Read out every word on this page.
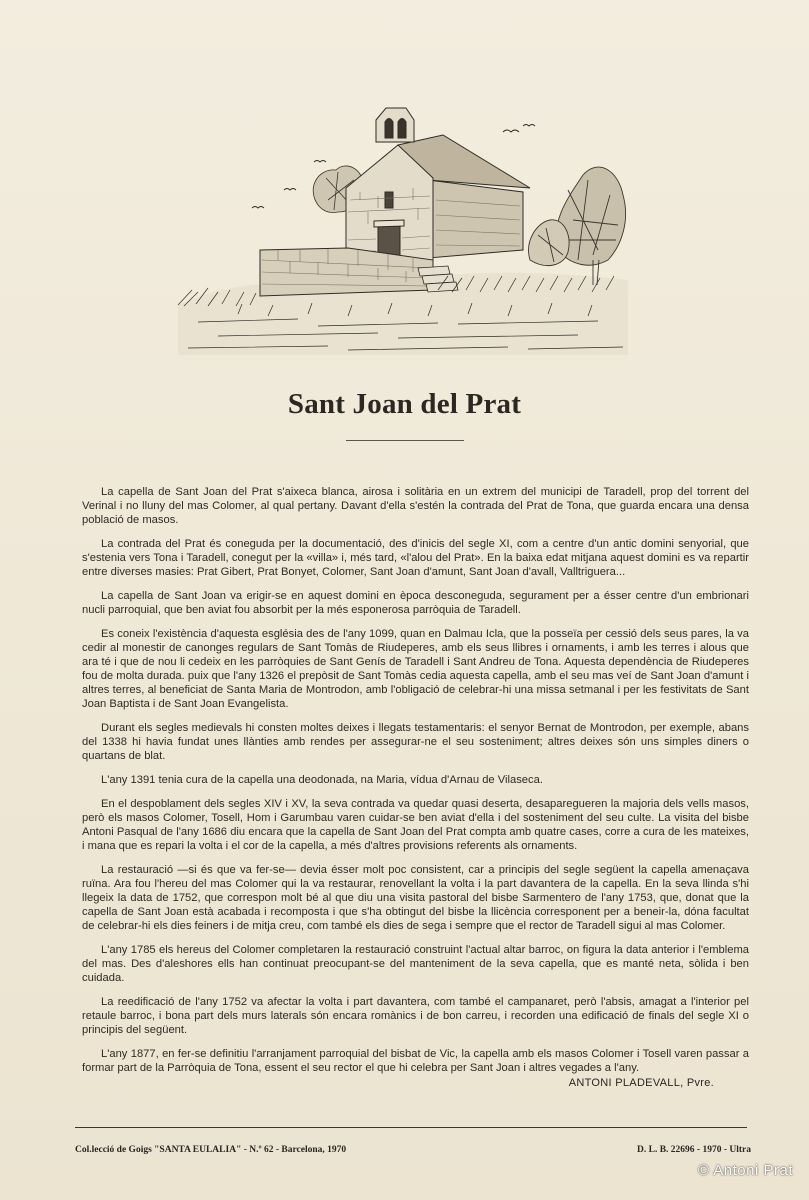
Sant Joan del Prat

La capella de Sant Joan del Prat s'aixeca blanca, airosa i solitària en un extrem del municipi de Taradell, prop del torrent del Verinal i no lluny del mas Colomer, al qual pertany. Davant d'ella s'estén la contrada del Prat de Tona, que guarda encara una densa població de masos.

La contrada del Prat és coneguda per la documentació, des d'inicis del segle XI, com a centre d'un antic domini senyorial, que s'estenia vers Tona i Taradell, conegut per la «villa» i, més tard, «l'alou del Prat». En la baixa edat mitjana aquest domini es va repartir entre diverses masies: Prat Gibert, Prat Bonyet, Colomer, Sant Joan d'amunt, Sant Joan d'avall, Valltriguera...

La capella de Sant Joan va erigir-se en aquest domini en època desconeguda, segurament per a ésser centre d'un embrionari nucli parroquial, que ben aviat fou absorbit per la més esponerosa parròquia de Taradell.

Es coneix l'existència d'aquesta església des de l'any 1099, quan en Dalmau Icla, que la posseïa per cessió dels seus pares, la va cedir al monestir de canonges regulars de Sant Tomàs de Riudeperes, amb els seus llibres i ornaments, i amb les terres i alous que ara té i que de nou li cedeix en les parròquies de Sant Genís de Taradell i Sant Andreu de Tona. Aquesta dependència de Riudeperes fou de molta durada. puix que l'any 1326 el prepòsit de Sant Tomàs cedia aquesta capella, amb el seu mas veí de Sant Joan d'amunt i altres terres, al beneficiat de Santa Maria de Montrodon, amb l'obligació de celebrar-hi una missa setmanal i per les festivitats de Sant Joan Baptista i de Sant Joan Evangelista.

Durant els segles medievals hi consten moltes deixes i llegats testamentaris: el senyor Bernat de Montrodon, per exemple, abans del 1338 hi havia fundat unes llànties amb rendes per assegurar-ne el seu sosteniment; altres deixes són uns simples diners o quartans de blat.

L'any 1391 tenia cura de la capella una deodonada, na Maria, vídua d'Arnau de Vilaseca.

En el despoblament dels segles XIV i XV, la seva contrada va quedar quasi deserta, desaparegueren la majoria dels vells masos, però els masos Colomer, Tosell, Hom i Garumbau varen cuidar-se ben aviat d'ella i del sosteniment del seu culte. La visita del bisbe Antoni Pasqual de l'any 1686 diu encara que la capella de Sant Joan del Prat compta amb quatre cases, corre a cura de les mateixes, i mana que es repari la volta i el cor de la capella, a més d'altres provisions referents als ornaments.

La restauració —si és que va fer-se— devia ésser molt poc consistent, car a principis del segle següent la capella amenaçava ruïna. Ara fou l'hereu del mas Colomer qui la va restaurar, renovellant la volta i la part davantera de la capella. En la seva llinda s'hi llegeix la data de 1752, que correspon molt bé al que diu una visita pastoral del bisbe Sarmentero de l'any 1753, que, donat que la capella de Sant Joan està acabada i recomposta i que s'ha obtingut del bisbe la llicència corresponent per a beneir-la, dóna facultat de celebrar-hi els dies feiners i de mitja creu, com també els dies de sega i sempre que el rector de Taradell sigui al mas Colomer.

L'any 1785 els hereus del Colomer completaren la restauració construint l'actual altar barroc, on figura la data anterior i l'emblema del mas. Des d'aleshores ells han continuat preocupant-se del manteniment de la seva capella, que es manté neta, sòlida i ben cuidada.

La reedificació de l'any 1752 va afectar la volta i part davantera, com també el campanaret, però l'absis, amagat a l'interior pel retaule barroc, i bona part dels murs laterals són encara romànics i de bon carreu, i recorden una edificació de finals del segle XI o principis del següent.

L'any 1877, en fer-se definitiu l'arranjament parroquial del bisbat de Vic, la capella amb els masos Colomer i Tosell varen passar a formar part de la Parròquia de Tona, essent el seu rector el que hi celebra per Sant Joan i altres vegades a l'any.

ANTONI PLADEVALL, Pvre.
Col.lecció de Goigs "SANTA EULALIA" - N.º 62 - Barcelona, 1970	D. L. B. 22696 - 1970 - Ultra
© Antoni Prat
